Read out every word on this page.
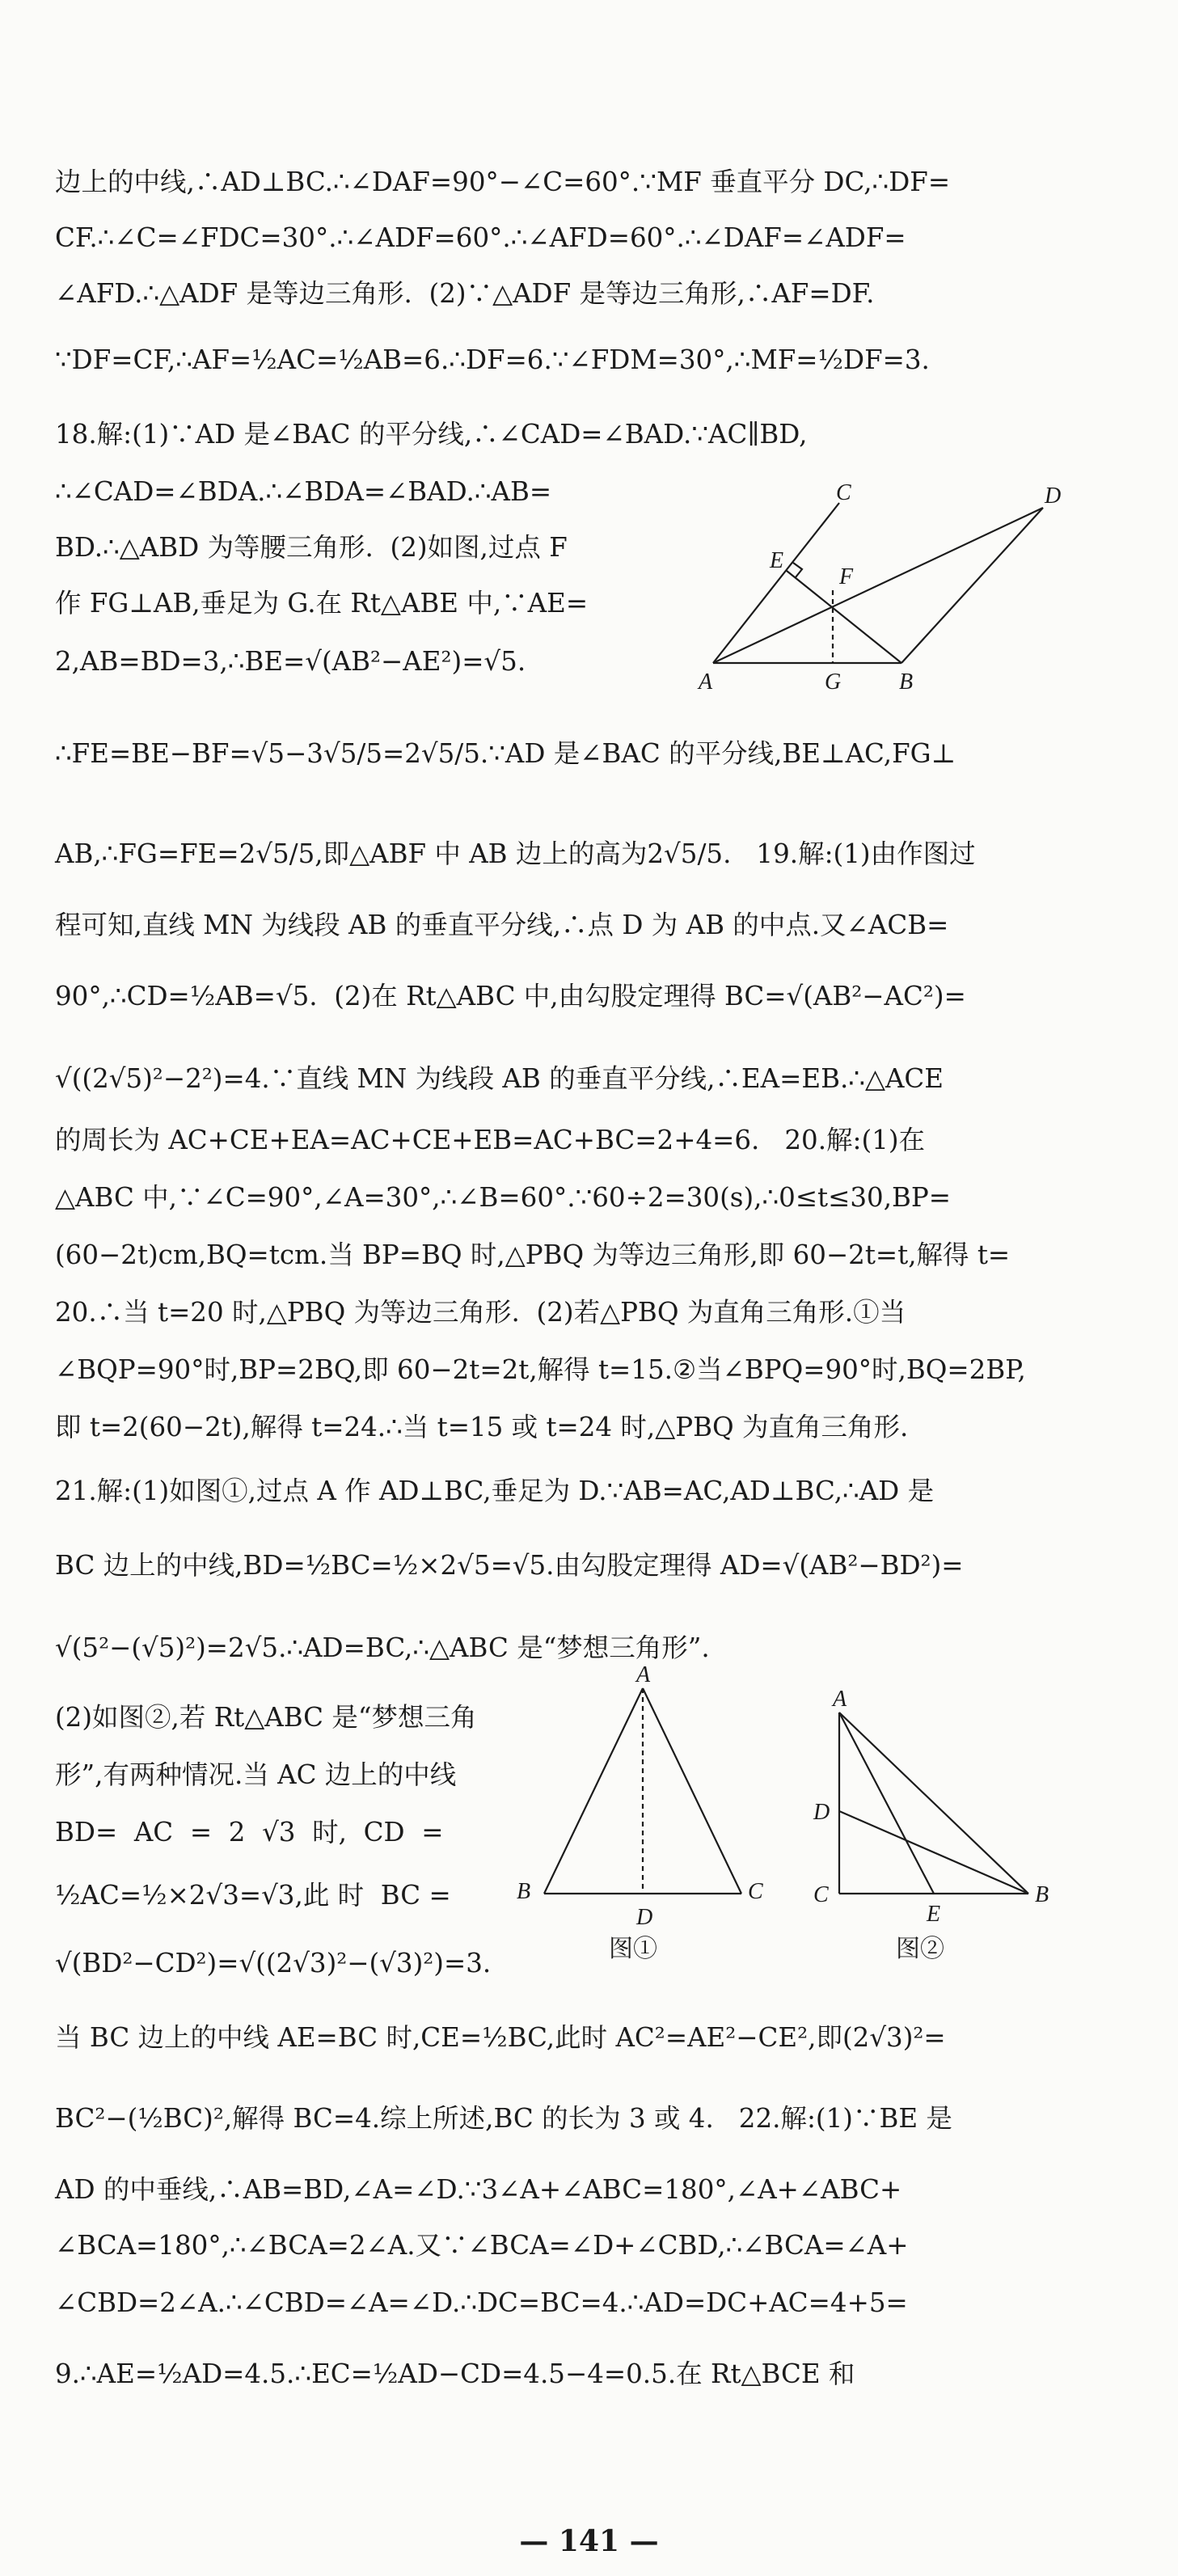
边上的中线,∴AD⊥BC.∴∠DAF=90°−∠C=60°.∵MF 垂直平分 DC,∴DF=
CF.∴∠C=∠FDC=30°.∴∠ADF=60°.∴∠AFD=60°.∴∠DAF=∠ADF=
∠AFD.∴△ADF 是等边三角形.  (2)∵△ADF 是等边三角形,∴AF=DF.
∵DF=CF,∴AF=½AC=½AB=6.∴DF=6.∵∠FDM=30°,∴MF=½DF=3.
18.解:(1)∵AD 是∠BAC 的平分线,∴∠CAD=∠BAD.∵AC∥BD,
∴∠CAD=∠BDA.∴∠BDA=∠BAD.∴AB=
BD.∴△ABD 为等腰三角形.  (2)如图,过点 F
作 FG⊥AB,垂足为 G.在 Rt△ABE 中,∵AE=
2,AB=BD=3,∴BE=√(AB²−AE²)=√5.
∴FE=BE−BF=√5−3√5/5=2√5/5.∵AD 是∠BAC 的平分线,BE⊥AC,FG⊥
AB,∴FG=FE=2√5/5,即△ABF 中 AB 边上的高为2√5/5.   19.解:(1)由作图过
程可知,直线 MN 为线段 AB 的垂直平分线,∴点 D 为 AB 的中点.又∠ACB=
90°,∴CD=½AB=√5.  (2)在 Rt△ABC 中,由勾股定理得 BC=√(AB²−AC²)=
√((2√5)²−2²)=4.∵直线 MN 为线段 AB 的垂直平分线,∴EA=EB.∴△ACE
的周长为 AC+CE+EA=AC+CE+EB=AC+BC=2+4=6.   20.解:(1)在
△ABC 中,∵∠C=90°,∠A=30°,∴∠B=60°.∵60÷2=30(s),∴0≤t≤30,BP=
(60−2t)cm,BQ=tcm.当 BP=BQ 时,△PBQ 为等边三角形,即 60−2t=t,解得 t=
20.∴当 t=20 时,△PBQ 为等边三角形.  (2)若△PBQ 为直角三角形.①当
∠BQP=90°时,BP=2BQ,即 60−2t=2t,解得 t=15.②当∠BPQ=90°时,BQ=2BP,
即 t=2(60−2t),解得 t=24.∴当 t=15 或 t=24 时,△PBQ 为直角三角形.
21.解:(1)如图①,过点 A 作 AD⊥BC,垂足为 D.∵AB=AC,AD⊥BC,∴AD 是
BC 边上的中线,BD=½BC=½×2√5=√5.由勾股定理得 AD=√(AB²−BD²)=
√(5²−(√5)²)=2√5.∴AD=BC,∴△ABC 是“梦想三角形”.
(2)如图②,若 Rt△ABC 是“梦想三角
形”,有两种情况.当 AC 边上的中线
BD=  AC  =  2  √3  时,  CD  =
½AC=½×2√3=√3,此 时  BC =
√(BD²−CD²)=√((2√3)²−(√3)²)=3.
当 BC 边上的中线 AE=BC 时,CE=½BC,此时 AC²=AE²−CE²,即(2√3)²=
BC²−(½BC)²,解得 BC=4.综上所述,BC 的长为 3 或 4.   22.解:(1)∵BE 是
AD 的中垂线,∴AB=BD,∠A=∠D.∵3∠A+∠ABC=180°,∠A+∠ABC+
∠BCA=180°,∴∠BCA=2∠A.又∵∠BCA=∠D+∠CBD,∴∠BCA=∠A+
∠CBD=2∠A.∴∠CBD=∠A=∠D.∴DC=BC=4.∴AD=DC+AC=4+5=
9.∴AE=½AD=4.5.∴EC=½AD−CD=4.5−4=0.5.在 Rt△BCE 和
C	D
E
F
A	G	B
A
B
D
C
图①
A
D
C
E
B
图②
— 141 —
